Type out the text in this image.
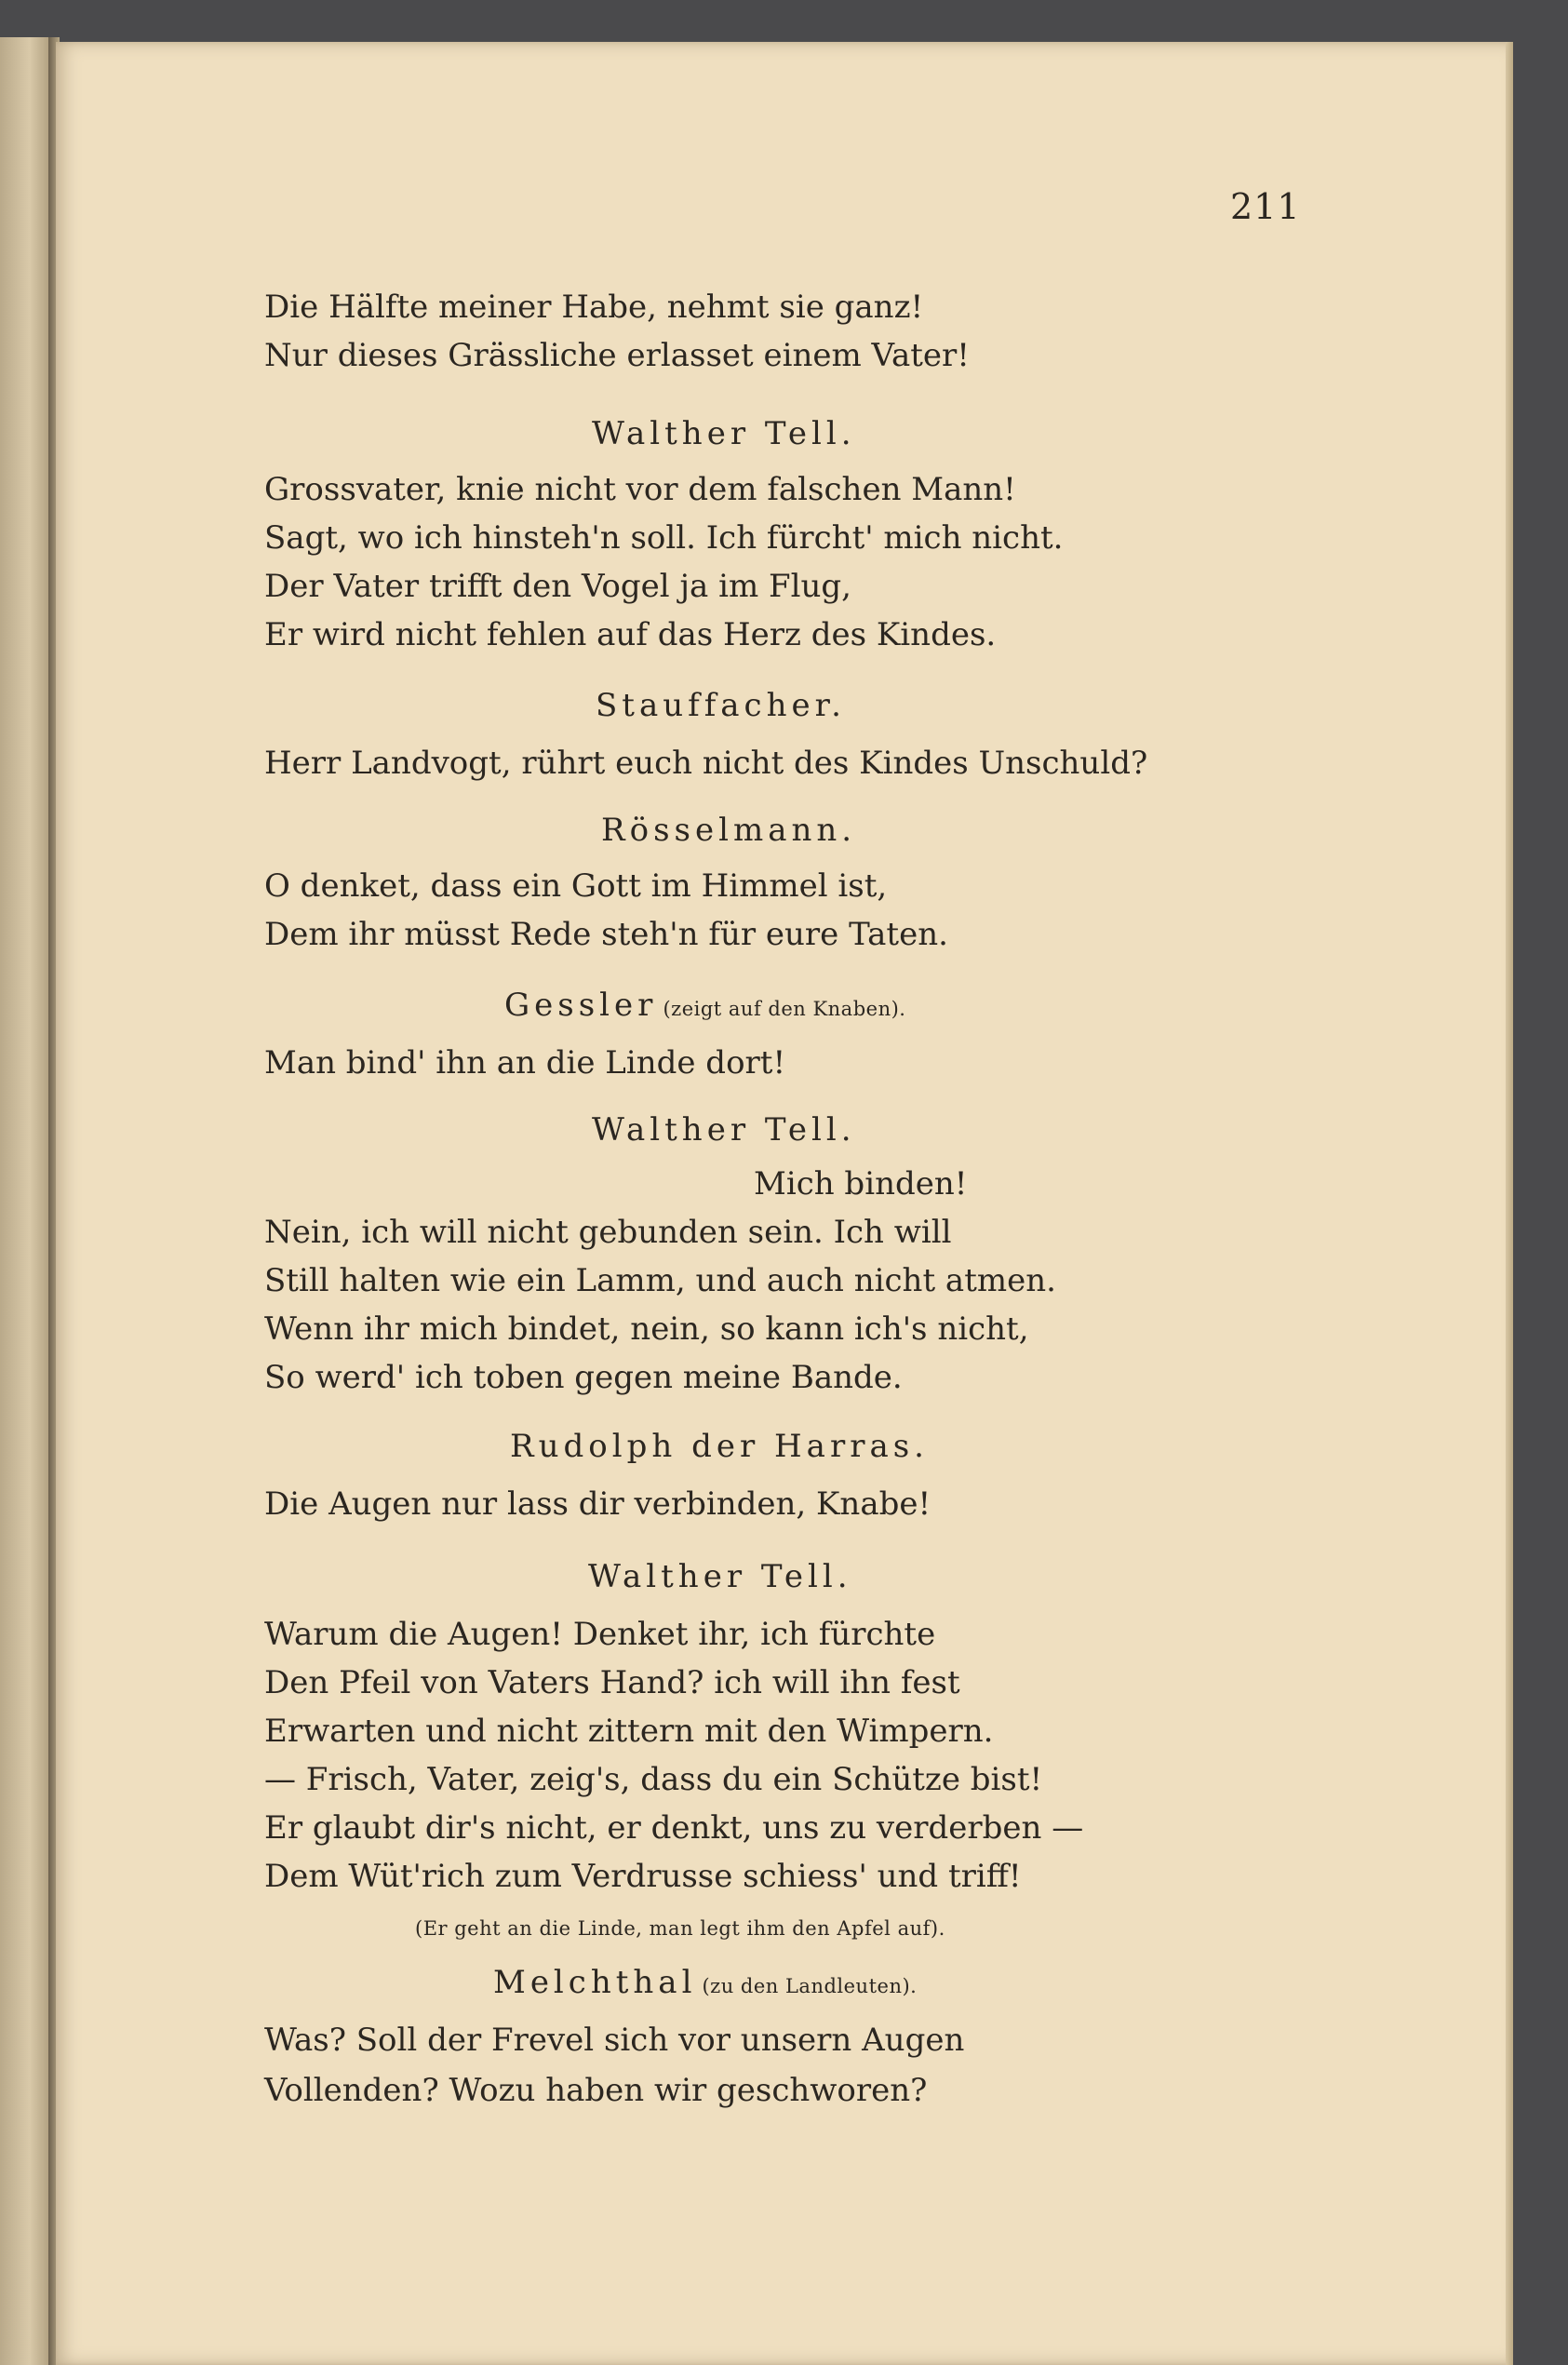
211
Die Hälfte meiner Habe, nehmt sie ganz!
Nur dieses Grässliche erlasset einem Vater!
Walther Tell.
Grossvater, knie nicht vor dem falschen Mann!
Sagt, wo ich hinsteh'n soll. Ich fürcht' mich nicht.
Der Vater trifft den Vogel ja im Flug,
Er wird nicht fehlen auf das Herz des Kindes.
Stauffacher.
Herr Landvogt, rührt euch nicht des Kindes Unschuld?
Rösselmann.
O denket, dass ein Gott im Himmel ist,
Dem ihr müsst Rede steh'n für eure Taten.
Gessler (zeigt auf den Knaben).
Man bind' ihn an die Linde dort!
Walther Tell.
Mich binden!
Nein, ich will nicht gebunden sein. Ich will
Still halten wie ein Lamm, und auch nicht atmen.
Wenn ihr mich bindet, nein, so kann ich's nicht,
So werd' ich toben gegen meine Bande.
Rudolph der Harras.
Die Augen nur lass dir verbinden, Knabe!
Walther Tell.
Warum die Augen! Denket ihr, ich fürchte
Den Pfeil von Vaters Hand? ich will ihn fest
Erwarten und nicht zittern mit den Wimpern.
— Frisch, Vater, zeig's, dass du ein Schütze bist!
Er glaubt dir's nicht, er denkt, uns zu verderben —
Dem Wüt'rich zum Verdrusse schiess' und triff!
(Er geht an die Linde, man legt ihm den Apfel auf).
Melchthal (zu den Landleuten).
Was? Soll der Frevel sich vor unsern Augen
Vollenden? Wozu haben wir geschworen?
